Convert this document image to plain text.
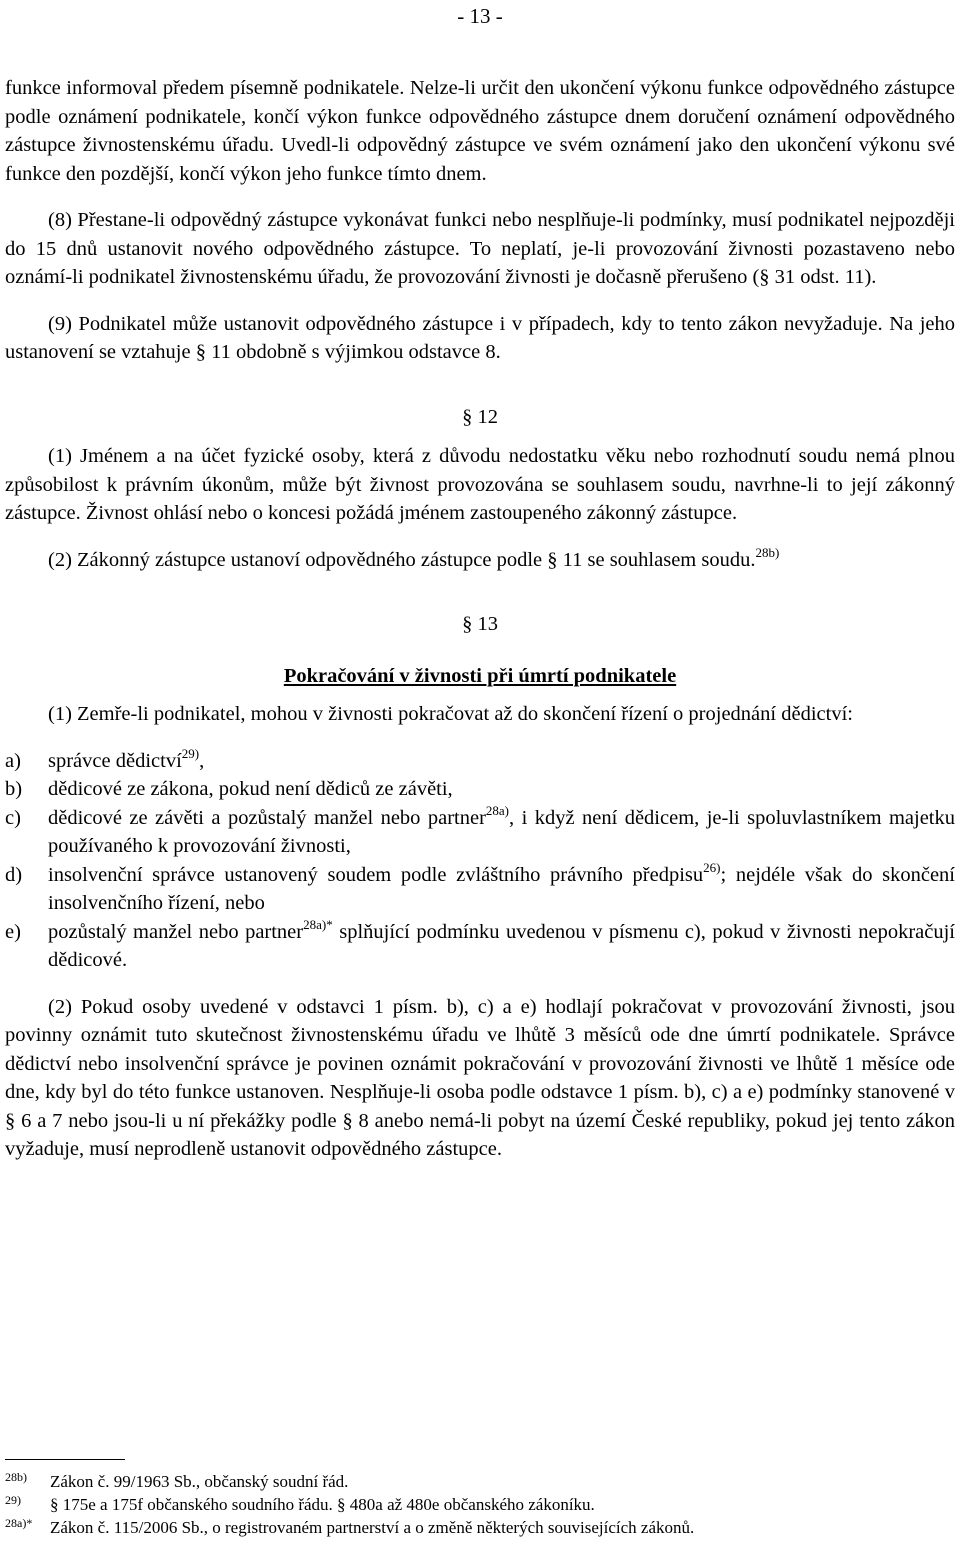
- 13 -

funkce informoval předem písemně podnikatele. Nelze-li určit den ukončení výkonu funkce odpovědného zástupce podle oznámení podnikatele, končí výkon funkce odpovědného zástupce dnem doručení oznámení odpovědného zástupce živnostenskému úřadu. Uvedl-li odpovědný zástupce ve svém oznámení jako den ukončení výkonu své funkce den pozdější, končí výkon jeho funkce tímto dnem.

(8) Přestane-li odpovědný zástupce vykonávat funkci nebo nesplňuje-li podmínky, musí podnikatel nejpozději do 15 dnů ustanovit nového odpovědného zástupce. To neplatí, je-li provozování živnosti pozastaveno nebo oznámí-li podnikatel živnostenskému úřadu, že provozování živnosti je dočasně přerušeno (§ 31 odst. 11).

(9) Podnikatel může ustanovit odpovědného zástupce i v případech, kdy to tento zákon nevyžaduje. Na jeho ustanovení se vztahuje § 11 obdobně s výjimkou odstavce 8.

§ 12

(1) Jménem a na účet fyzické osoby, která z důvodu nedostatku věku nebo rozhodnutí soudu nemá plnou způsobilost k právním úkonům, může být živnost provozována se souhlasem soudu, navrhne-li to její zákonný zástupce. Živnost ohlásí nebo o koncesi požádá jménem zastoupeného zákonný zástupce.

(2) Zákonný zástupce ustanoví odpovědného zástupce podle § 11 se souhlasem soudu.$^{28b)}$

§ 13
Pokračování v živnosti při úmrtí podnikatele

(1) Zemře-li podnikatel, mohou v živnosti pokračovat až do skončení řízení o projednání dědictví:

a) správce dědictví$^{29)}$,
b) dědicové ze zákona, pokud není dědiců ze závěti,
c) dědicové ze závěti a pozůstalý manžel nebo partner$^{28a)}$, i když není dědicem, je-li spoluvlastníkem majetku používaného k provozování živnosti,
d) insolvenční správce ustanovený soudem podle zvláštního právního předpisu$^{26)}$; nejdéle však do skončení insolvenčního řízení, nebo
e) pozůstalý manžel nebo partner$^{28a)*}$ splňující podmínku uvedenou v písmenu c), pokud v živnosti nepokračují dědicové.

(2) Pokud osoby uvedené v odstavci 1 písm. b), c) a e) hodlají pokračovat v provozování živnosti, jsou povinny oznámit tuto skutečnost živnostenskému úřadu ve lhůtě 3 měsíců ode dne úmrtí podnikatele. Správce dědictví nebo insolvenční správce je povinen oznámit pokračování v provozování živnosti ve lhůtě 1 měsíce ode dne, kdy byl do této funkce ustanoven. Nesplňuje-li osoba podle odstavce 1 písm. b), c) a e) podmínky stanovené v § 6 a 7 nebo jsou-li u ní překážky podle § 8 anebo nemá-li pobyt na území České republiky, pokud jej tento zákon vyžaduje, musí neprodleně ustanovit odpovědného zástupce.

28b) Zákon č. 99/1963 Sb., občanský soudní řád.
29) § 175e a 175f občanského soudního řádu. § 480a až 480e občanského zákoníku.
28a)* Zákon č. 115/2006 Sb., o registrovaném partnerství a o změně některých souvisejících zákonů.
